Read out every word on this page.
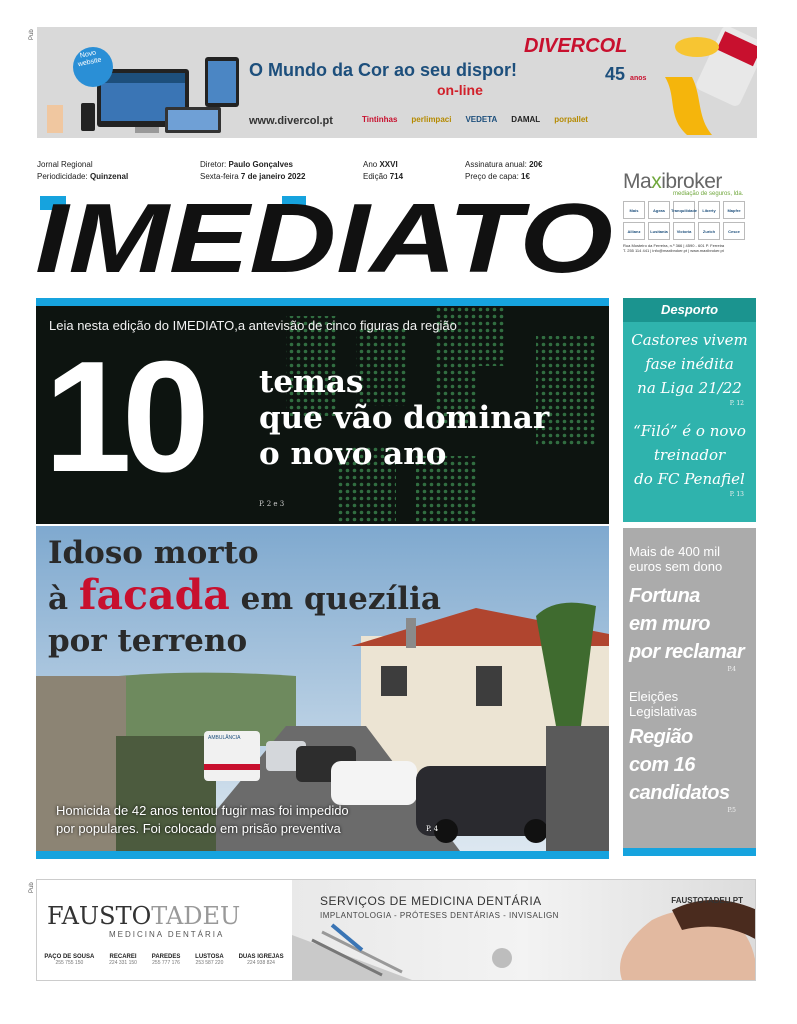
Pub
Pub
Novo website	O Mundo da Cor ao seu dispor!
on-line
www.divercol.pt
DIVERCOL
45 anos
Tintinhas perlimpaci VEDETA DAMAL porpallet
Jornal Regional
Periodicidade: Quinzenal
Diretor: Paulo Gonçalves
Sexta-feira 7 de janeiro 2022
Ano XXVI
Edição 714
Assinatura anual: 20€
Preço de capa: 1€
IMEDIATO
Maxibroker
mediação de seguros, lda.
Mais	Ageas	Tranquilidade	Liberty	Mapfre
Allianz	Lusitania	Victoria	Zurich	Cesce
Rua Mosteiro da Ferreira, n.º 366 | 4590 - 601 P. Ferreira
T. 255 114 441 | info@maxibroker.pt | www.maxibroker.pt
Leia nesta edição do IMEDIATO,a antevisão de cinco figuras da região
10 temas
que vão dominar
o novo ano
P. 2 e 3
AMBULÂNCIA
Idoso morto
à facada em quezília
por terreno
Homicida de 42 anos tentou fugir mas foi impedido
por populares. Foi colocado em prisão preventiva	P. 4
Desporto
Castores vivem
fase inédita
na Liga 21/22
P. 12
“Filó” é o novo
treinador
do FC Penafiel
P. 13
Mais de 400 mil
euros sem dono
Fortuna
em muro
por reclamar
P.4
Eleições
Legislativas
Região
com 16
candidatos
P.5
FAUSTOTADEU
MEDICINA DENTÁRIA
PAÇO DE SOUSA
255 755 150
RECAREI
224 331 150
PAREDES
255 777 176
LUSTOSA
253 587 220
DUAS IGREJAS
224 938 824
SERVIÇOS DE MEDICINA DENTÁRIA
IMPLANTOLOGIA - PRÓTESES DENTÁRIAS - INVISALIGN
FAUSTOTADEU.PT
